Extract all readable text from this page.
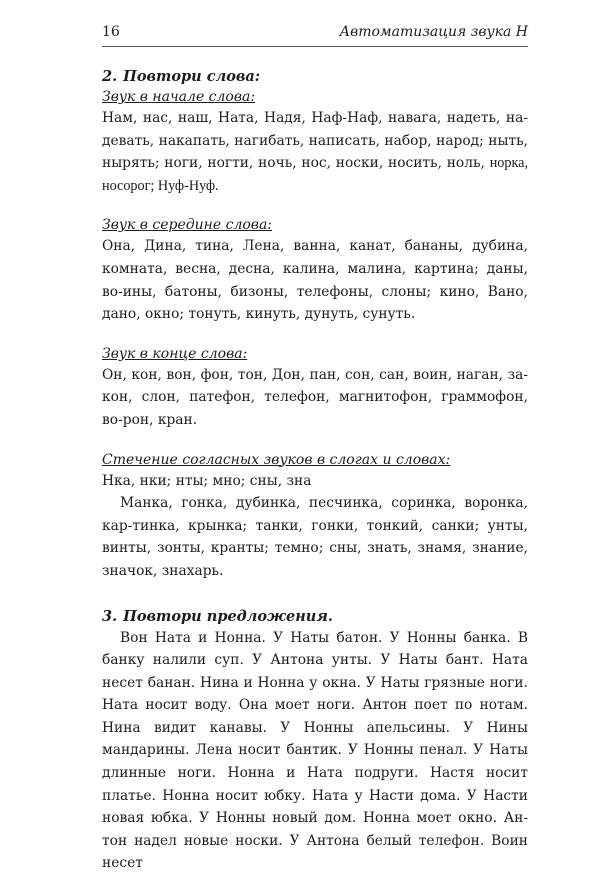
16	Автоматизация звука Н
2. Повтори слова:
Звук в начале слова:
Нам, нас, наш, Ната, Надя, Наф-Наф, навага, надеть, на-девать, накапать, нагибать, написать, набор, народ; ныть, нырять; ноги, ногти, ночь, нос, носки, носить, ноль, норка, носорог; Нуф-Нуф.
Звук в середине слова:
Она, Дина, тина, Лена, ванна, канат, бананы, дубина, комната, весна, десна, калина, малина, картина; даны, во-ины, батоны, бизоны, телефоны, слоны; кино, Вано, дано, окно; тонуть, кинуть, дунуть, сунуть.
Звук в конце слова:
Он, кон, вон, фон, тон, Дон, пан, сон, сан, воин, наган, за-кон, слон, патефон, телефон, магнитофон, граммофон, во-рон, кран.
Стечение согласных звуков в слогах и словах:
Нка, нки; нты; мно; сны, зна
Манка, гонка, дубинка, песчинка, соринка, воронка, кар-тинка, крынка; танки, гонки, тонкий, санки; унты, винты, зонты, кранты; темно; сны, знать, знамя, знание, значок, знахарь.
3. Повтори предложения.
Вон Ната и Нонна. У Наты батон. У Нонны банка. В банку налили суп. У Антона унты. У Наты бант. Ната несет банан. Нина и Нонна у окна. У Наты грязные ноги. Ната носит воду. Она моет ноги. Антон поет по нотам. Нина видит канавы. У Нонны апельсины. У Нины мандарины. Лена носит бантик. У Нонны пенал. У Наты длинные ноги. Нонна и Ната подруги. Настя носит платье. Нонна носит юбку. Ната у Насти дома. У Насти новая юбка. У Нонны новый дом. Нонна моет окно. Ан-тон надел новые носки. У Антона белый телефон. Воин несет
